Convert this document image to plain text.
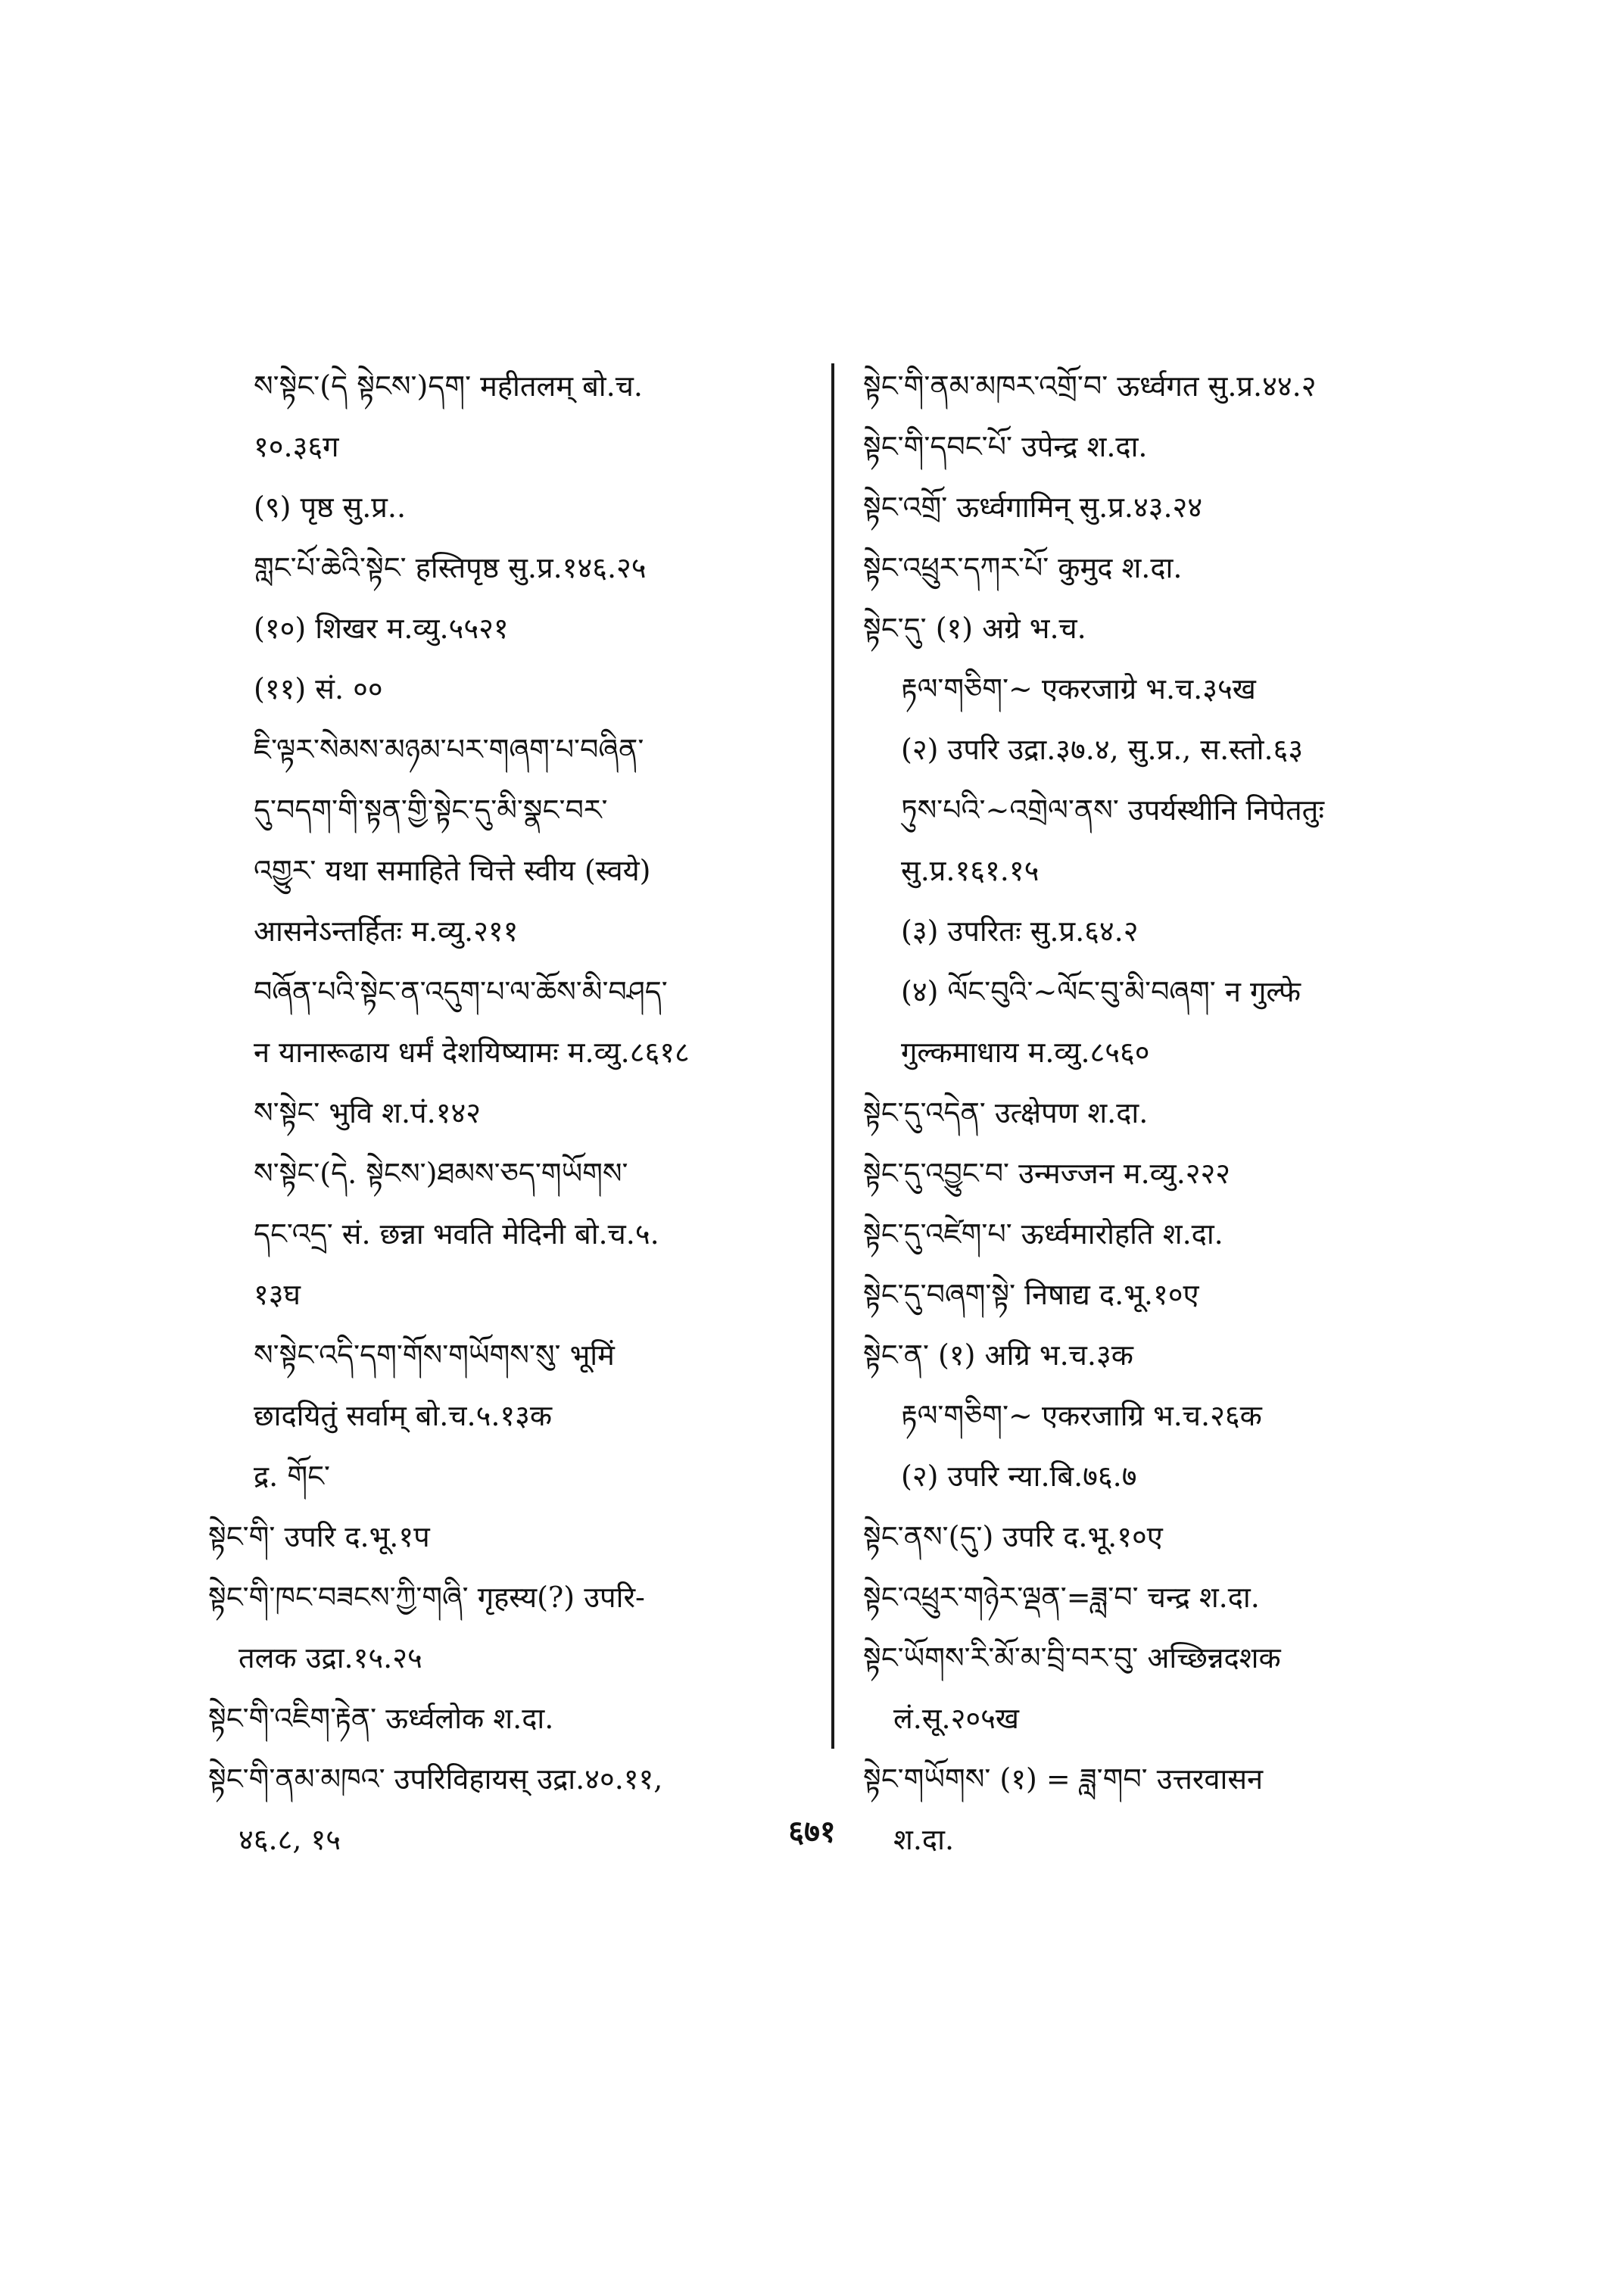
ས་སྟེང་(དེ སྟེངས་)དག་ महीतलम् बो.च.
१०.३६ग
(९) पृष्ठ सु.प्र..
གླང་པོ་ཆེའི་སྟེང་ हस्तिपृष्ठ सु.प्र.१४६.२५
(१०) शिखर म.व्यु.५५२१
(११) सं. ००
ཇི་ལྟར་སེམས་མཉམ་པར་གཞག་པ་བཞིན་
དུ་བདག་གི་སྟན་གྱི་སྟེང་དུ་མི་སྣང་བར་
འགྱུར་ यथा समाहिते चित्ते स्वीय (स्वये)
आसनेऽन्तर्हितः म.व्यु.२११
བཞོན་པའི་སྟེང་ན་འདུག་པ་ལ་ཆོས་མི་བཤད་
न यानारूढाय धर्मं देशयिष्यामः म.व्यु.८६१८
ས་སྟེང་ भुवि श.पं.१४२
ས་སྟེང་(དེ. སྟེངས་)ཐམས་ཅད་གཡོགས་
དང་འདྲ་ सं. छन्ना भवति मेदिनी बो.च.५.
१३घ
ས་སྟེང་འདི་དག་གོས་གཡོགས་སུ་ भूमिं
छादयितुं सर्वाम् बो.च.५.१३क
द्र. གོང་
སྟེང་གི་ उपरि द.भू.१प
སྟེང་གི་ཁང་བཟངས་ཀྱི་གཞི་ गृहस्य(?) उपरि-
तलक उद्रा.१५.२५
སྟེང་གི་འཇིག་རྟེན་ ऊर्ध्वलोक श.दा.
སྟེང་གི་ནམ་མཁའ་ उपरिविहायस् उद्रा.४०.११,
४६.८, १५
སྟེང་གི་ནམ་མཁར་འགྲོ་བ་ ऊर्ध्वगत सु.प्र.४४.२
སྟེང་གི་དབང་པོ་ उपेन्द्र श.दा.
སྟེང་འགྲོ་ ऊर्ध्वगामिन् सु.प्र.४३.२४
སྟེང་འཕྲུར་དཀར་པོ་ कुमुद श.दा.
སྟེང་དུ་ (१) अग्रे भ.च.
རྟལ་གཅིག་~ एकरजाग्रे भ.च.३५ख
(२) उपरि उद्रा.३७.४, सु.प्र., स.स्तो.६३
ཏུས་པའི་~འགྲེལ་ནས་ उपर्यस्थीनि निपेततुः
सु.प्र.१६१.१५
(३) उपरितः सु.प्र.६४.२
(४) ལོང་བུའི་~ལོང་བུ་མི་བཞག་ न गुल्फे
गुल्कमाधाय म.व्यु.८५६०
སྟེང་དུ་འདེན་ उत्क्षेपण श.दा.
སྟེང་དུ་འབྱུང་བ་ उन्मज्जन म.व्यु.२२२
སྟེང་དུ་འཛེག་པ་ ऊर्ध्वमारोहति श.दा.
སྟེང་དུ་བཞག་སྟེ་ निषाद्य द.भू.१०ए
སྟེང་ན་ (१) अग्रि भ.च.३क
རྟལ་གཅིག་~ एकरजाग्रि भ.च.२६क
(२) उपरि न्या.बि.७६.७
སྟེང་ནས་(དུ་) उपरि द.भू.१०ए
སྟེང་འཕྲུར་གཉེར་ལྡན་=ཟླ་བ་ चन्द्र श.दा.
སྟེང་ཡོགས་རི་མོ་མ་བྲི་བར་བུ་ अच्छिन्नदशक
लं.सू.२०५ख
སྟེང་གཡོགས་ (१) = ཟླ་གབ་ उत्तरवासन
श.दा.
६७१
